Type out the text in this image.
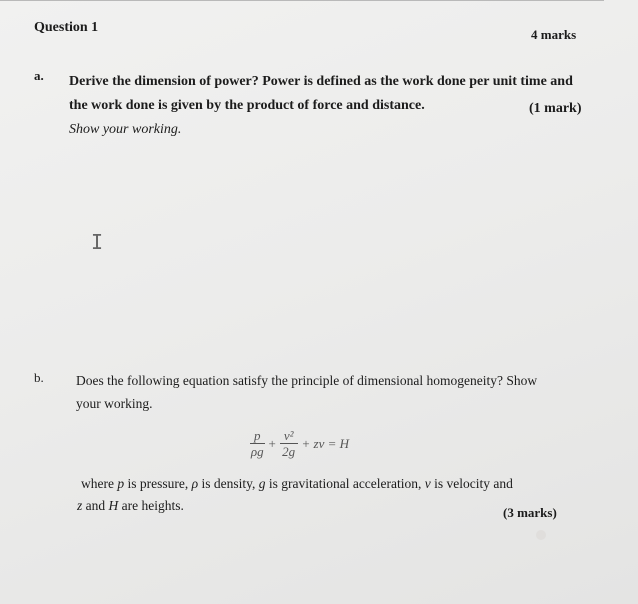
Question 1	4 marks
a. Derive the dimension of power? Power is defined as the work done per unit time and
the work done is given by the product of force and distance.	(1 mark)
Show your working.
I
b. Does the following equation satisfy the principle of dimensional homogeneity? Show
your working.
$\frac{p}{\rho g} + \frac{\text{v²}}{2g}$ + zv = H
where p is pressure, ρ is density, g is gravitational acceleration, v is velocity and
z and H are heights.	(3 marks)
